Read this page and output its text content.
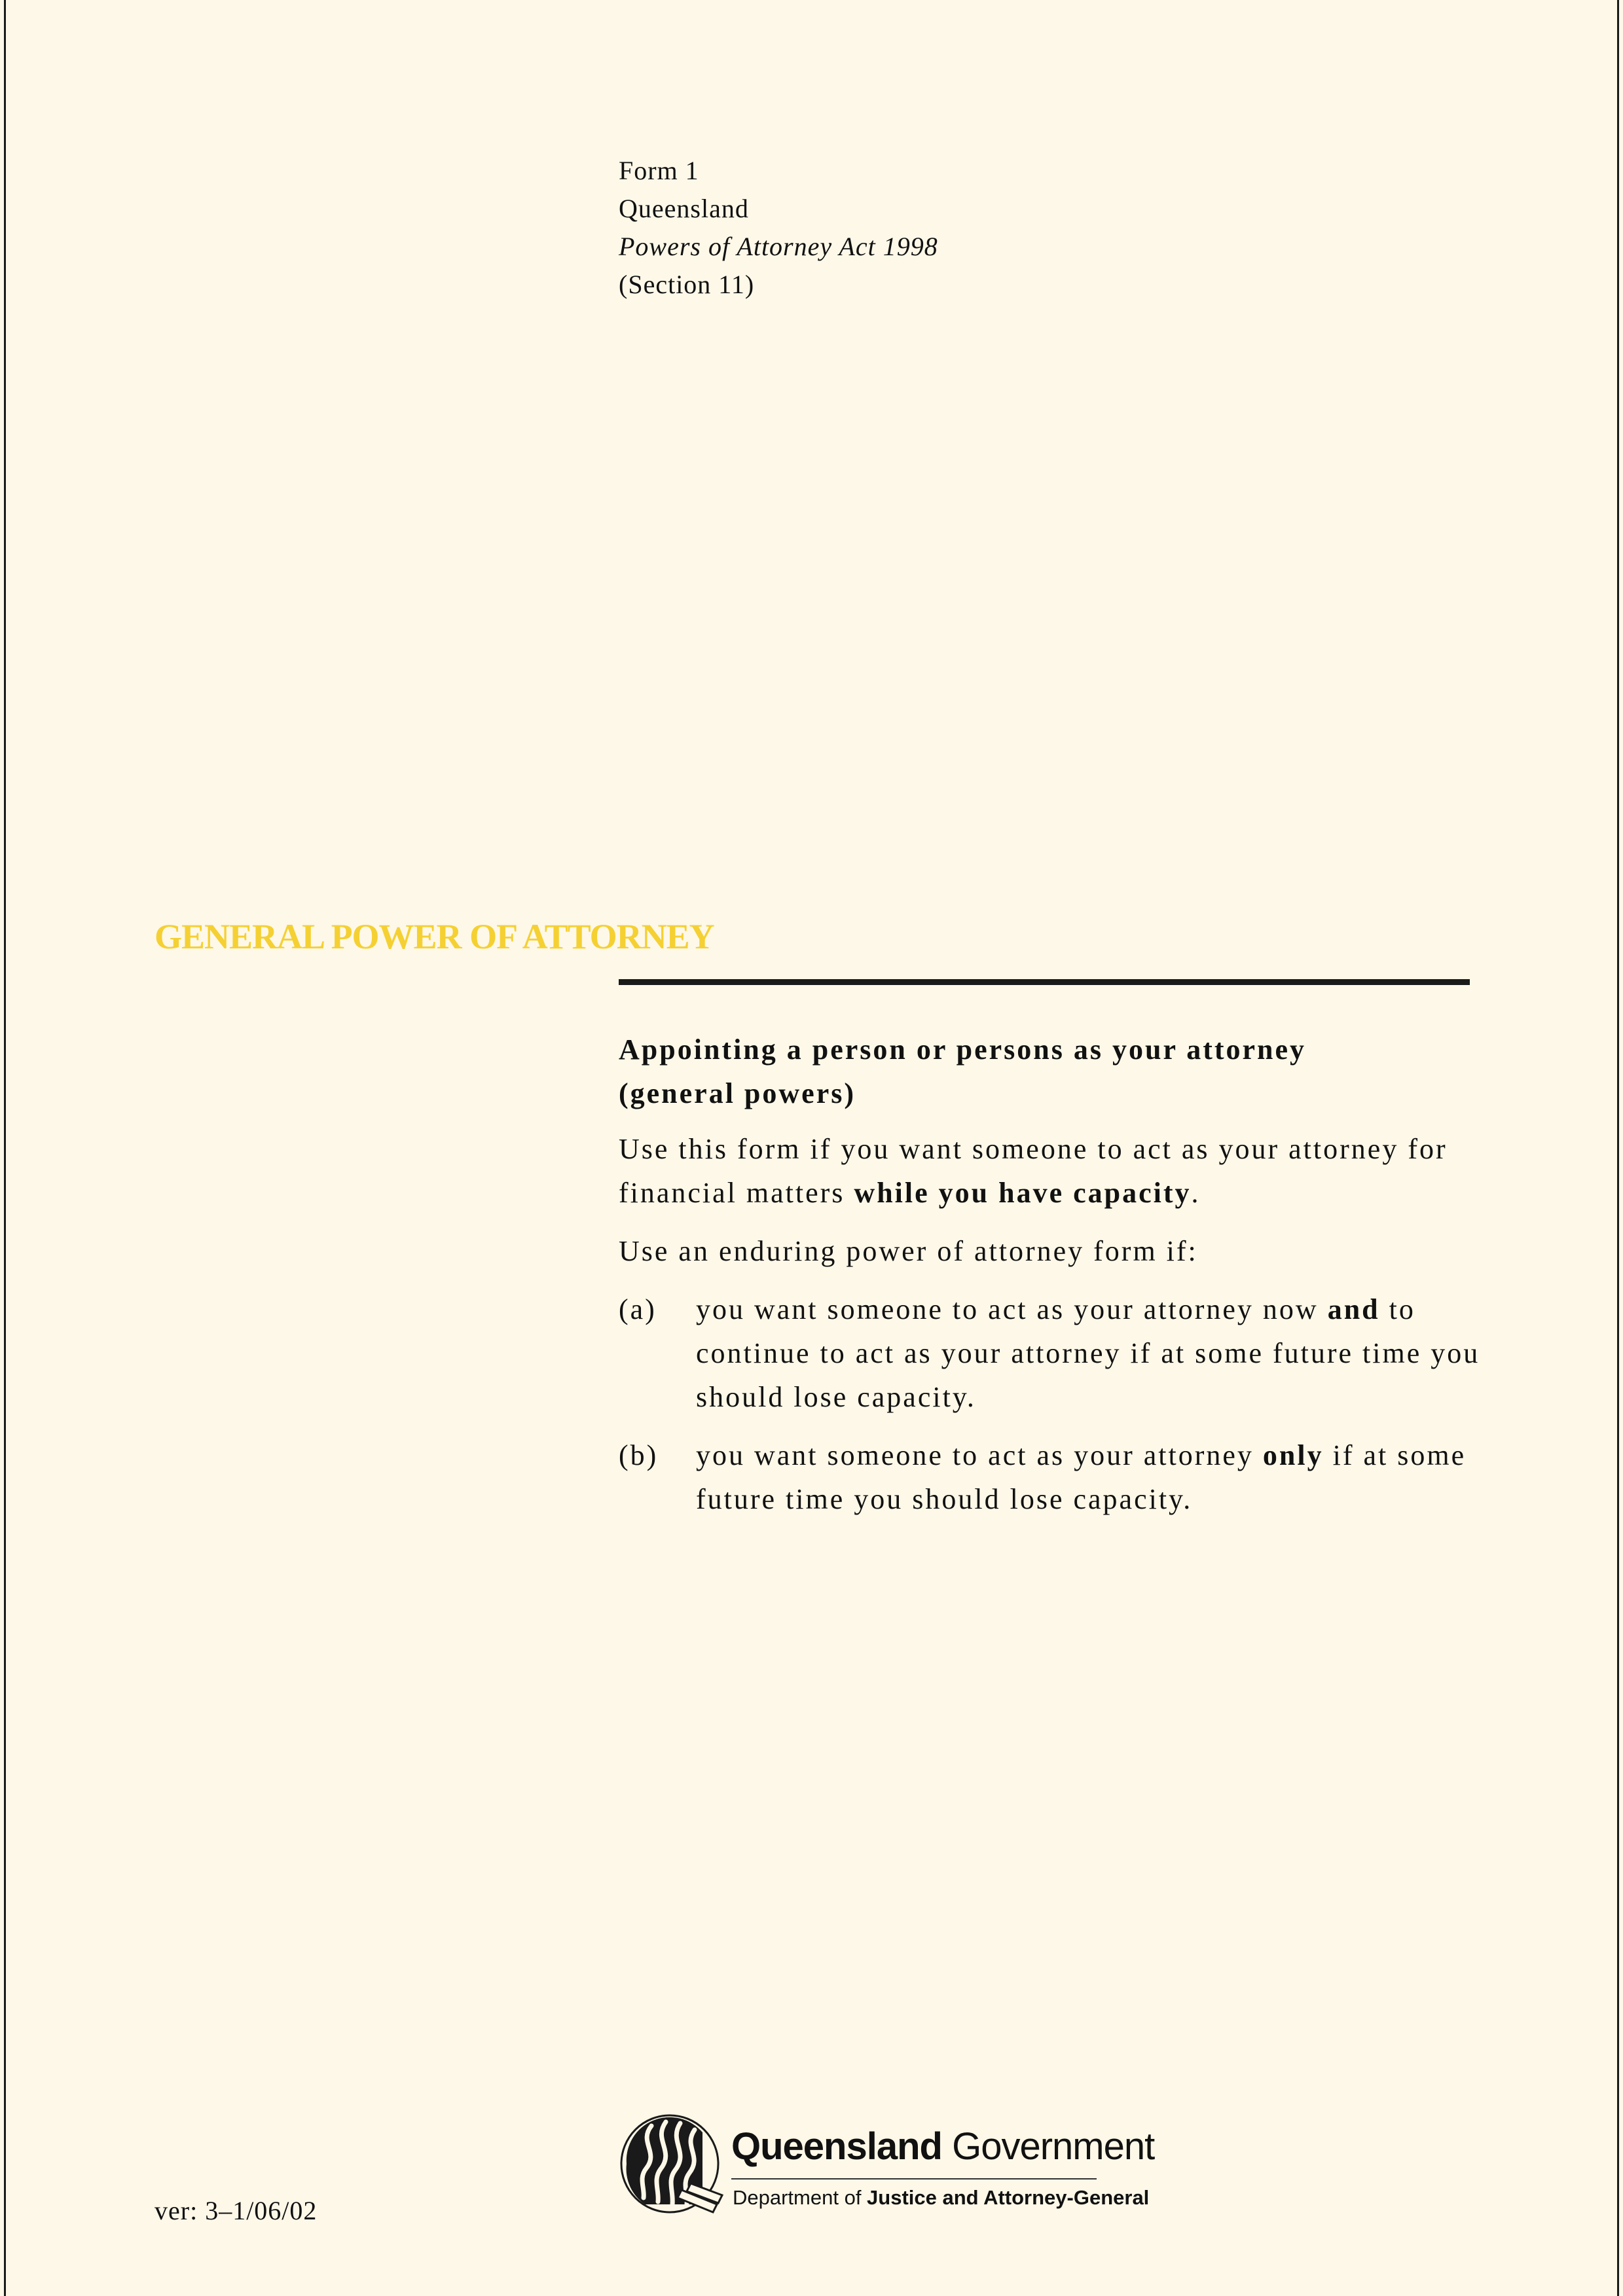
Form 1
Queensland
Powers of Attorney Act 1998
(Section 11)
GENERAL POWER OF ATTORNEY

Appointing a person or persons as your attorney
(general powers)

Use this form if you want someone to act as your attorney for financial matters while you have capacity.

Use an enduring power of attorney form if:

(a)	you want someone to act as your attorney now and to continue to act as your attorney if at some future time you should lose capacity.
(b)	you want someone to act as your attorney only if at some future time you should lose capacity.
ver: 3–1/06/02
Queensland Government
Department of Justice and Attorney-General
